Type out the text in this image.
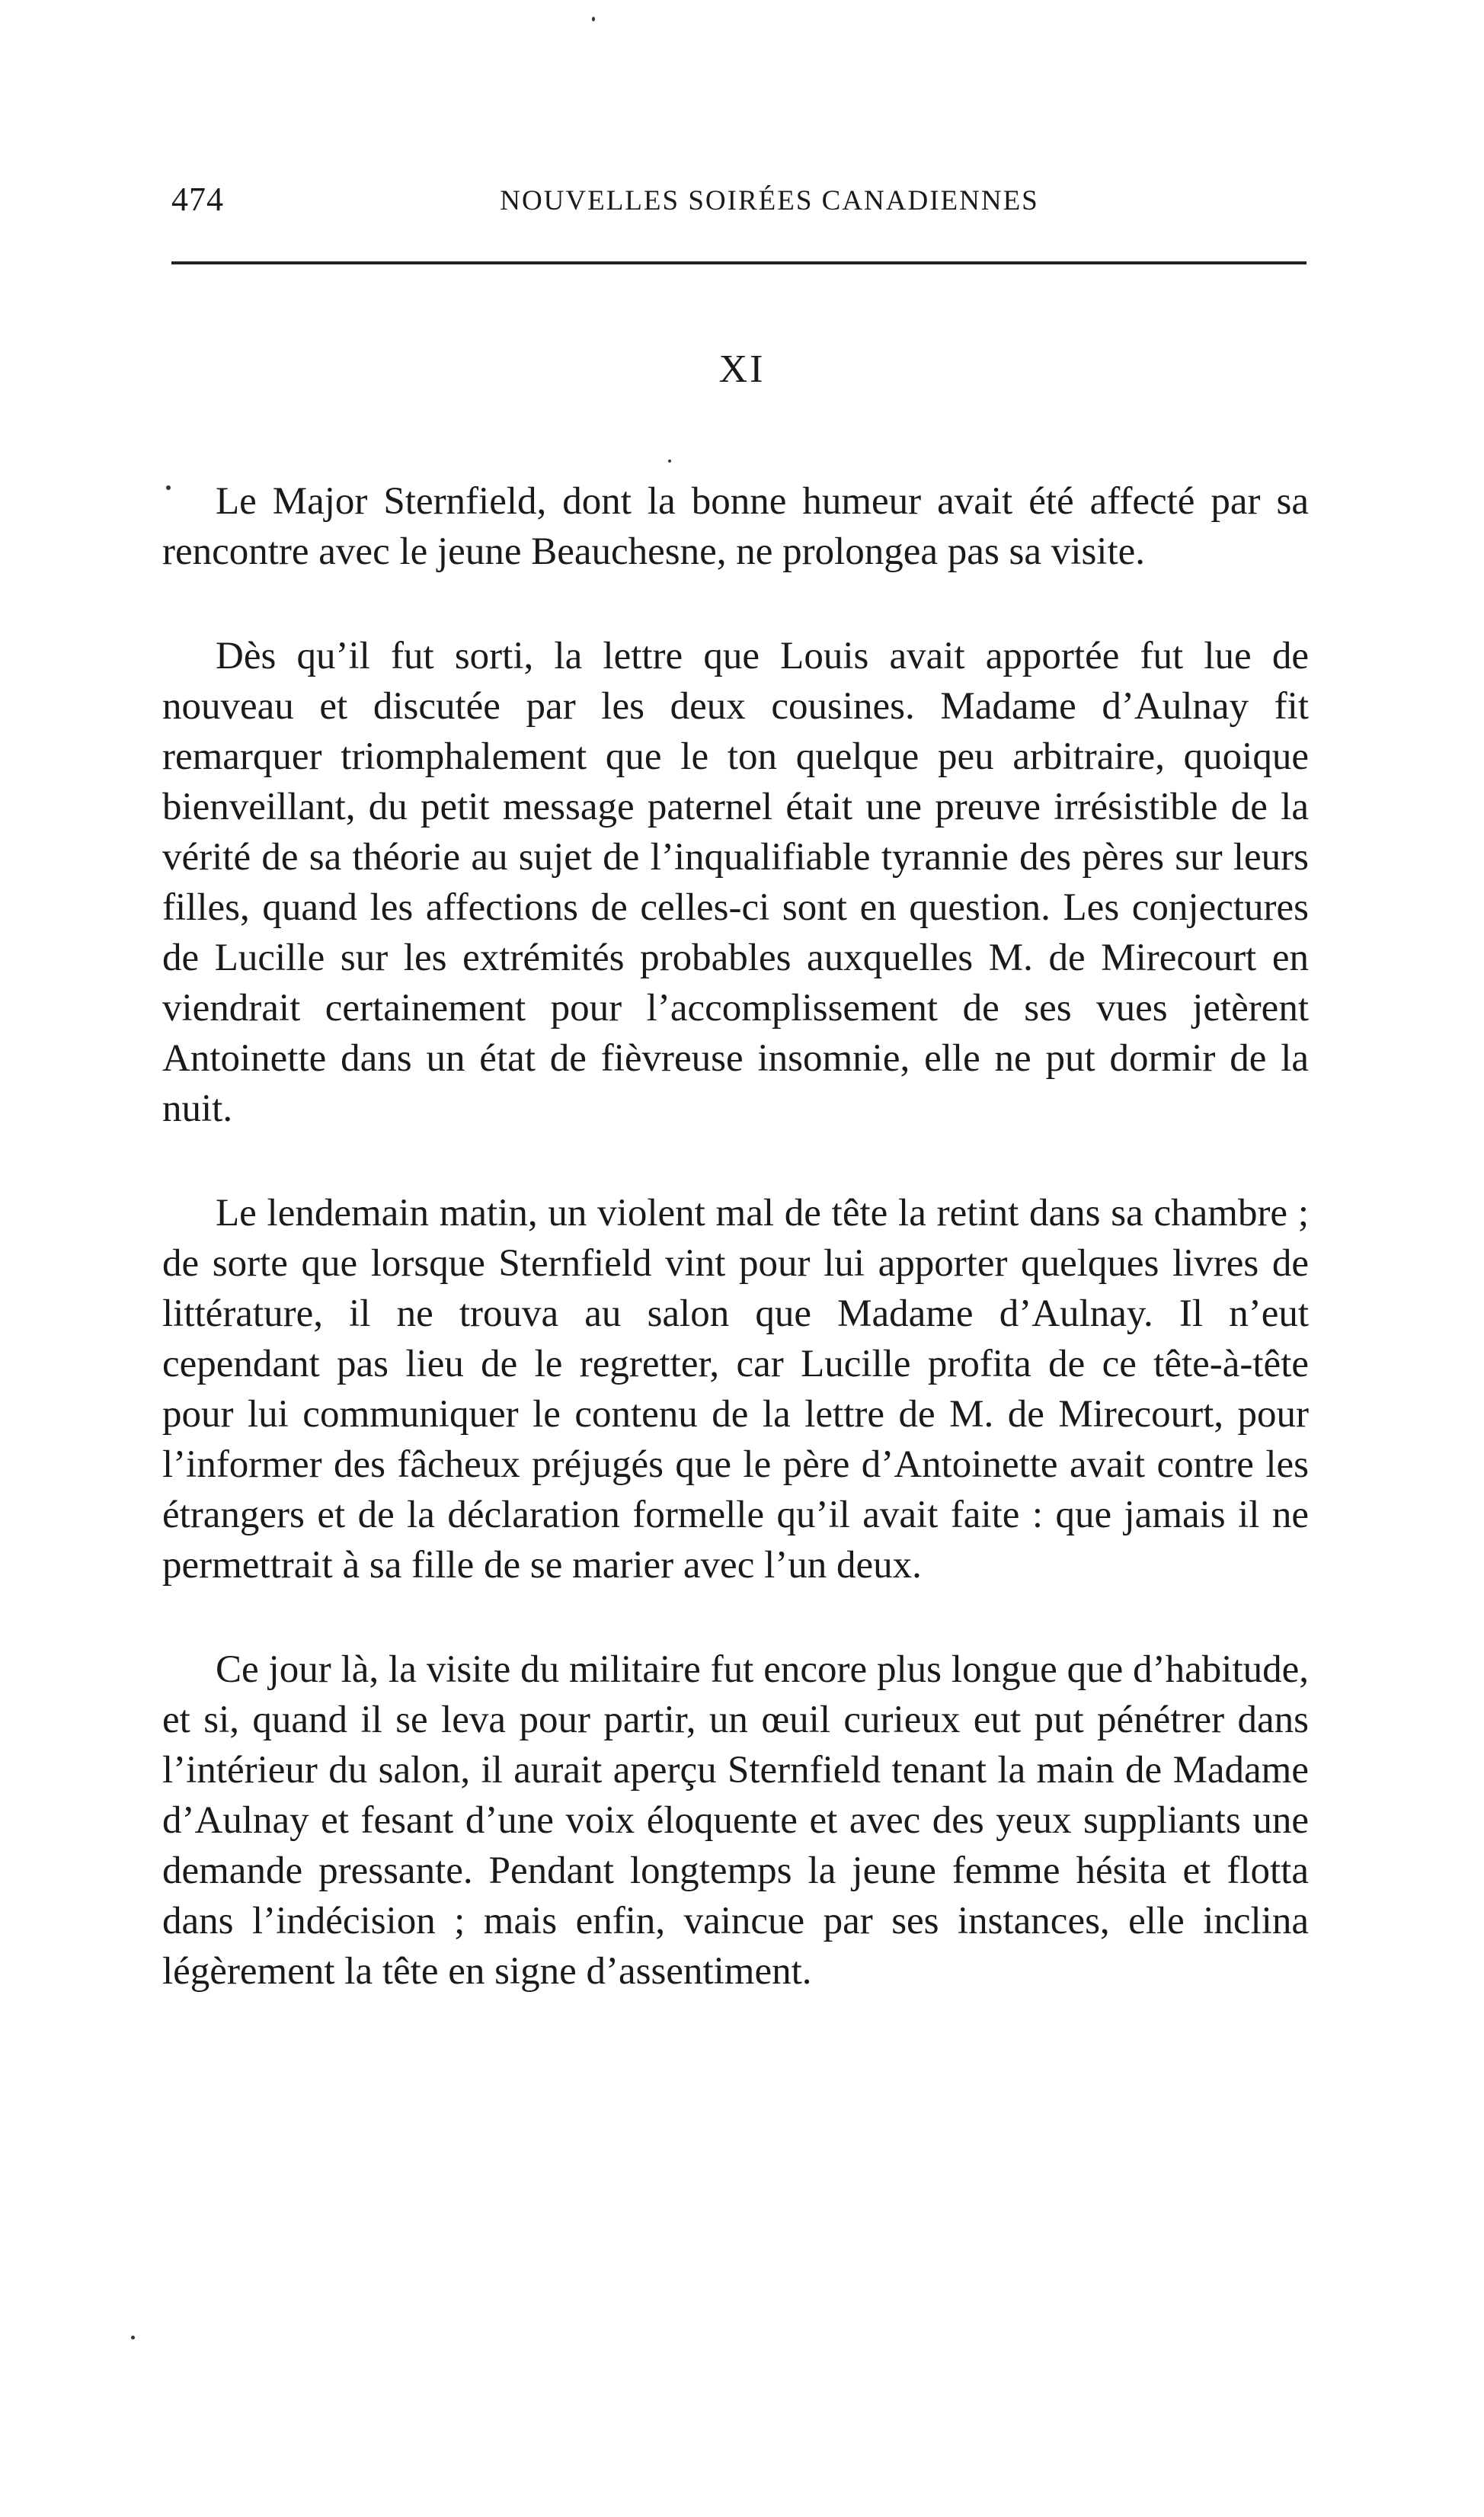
474	NOUVELLES SOIRÉES CANADIENNES
XI

Le Major Sternfield, dont la bonne humeur avait été affecté par sa rencontre avec le jeune Beauchesne, ne prolongea pas sa visite.

Dès qu’il fut sorti, la lettre que Louis avait apportée fut lue de nouveau et discutée par les deux cousines. Madame d’Aulnay fit remarquer triomphalement que le ton quelque peu arbitraire, quoique bienveillant, du petit message paternel était une preuve irrésistible de la vérité de sa théorie au sujet de l’inqualifiable tyrannie des pères sur leurs filles, quand les affections de celles-ci sont en question. Les conjectures de Lucille sur les extrémités probables auxquelles M. de Mirecourt en viendrait certainement pour l’accomplissement de ses vues jetèrent Antoinette dans un état de fièvreuse insomnie, elle ne put dormir de la nuit.

Le lendemain matin, un violent mal de tête la retint dans sa chambre ; de sorte que lorsque Sternfield vint pour lui apporter quelques livres de littérature, il ne trouva au salon que Madame d’Aulnay. Il n’eut cependant pas lieu de le regretter, car Lucille profita de ce tête-à-tête pour lui communiquer le contenu de la lettre de M. de Mirecourt, pour l’informer des fâcheux préjugés que le père d’Antoinette avait contre les étrangers et de la déclaration formelle qu’il avait faite : que jamais il ne permettrait à sa fille de se marier avec l’un deux.

Ce jour là, la visite du militaire fut encore plus longue que d’habitude, et si, quand il se leva pour partir, un œuil curieux eut put pénétrer dans l’intérieur du salon, il aurait aperçu Sternfield tenant la main de Madame d’Aulnay et fesant d’une voix éloquente et avec des yeux suppliants une demande pressante. Pendant longtemps la jeune femme hésita et flotta dans l’indécision ; mais enfin, vaincue par ses instances, elle inclina légèrement la tête en signe d’assentiment.
